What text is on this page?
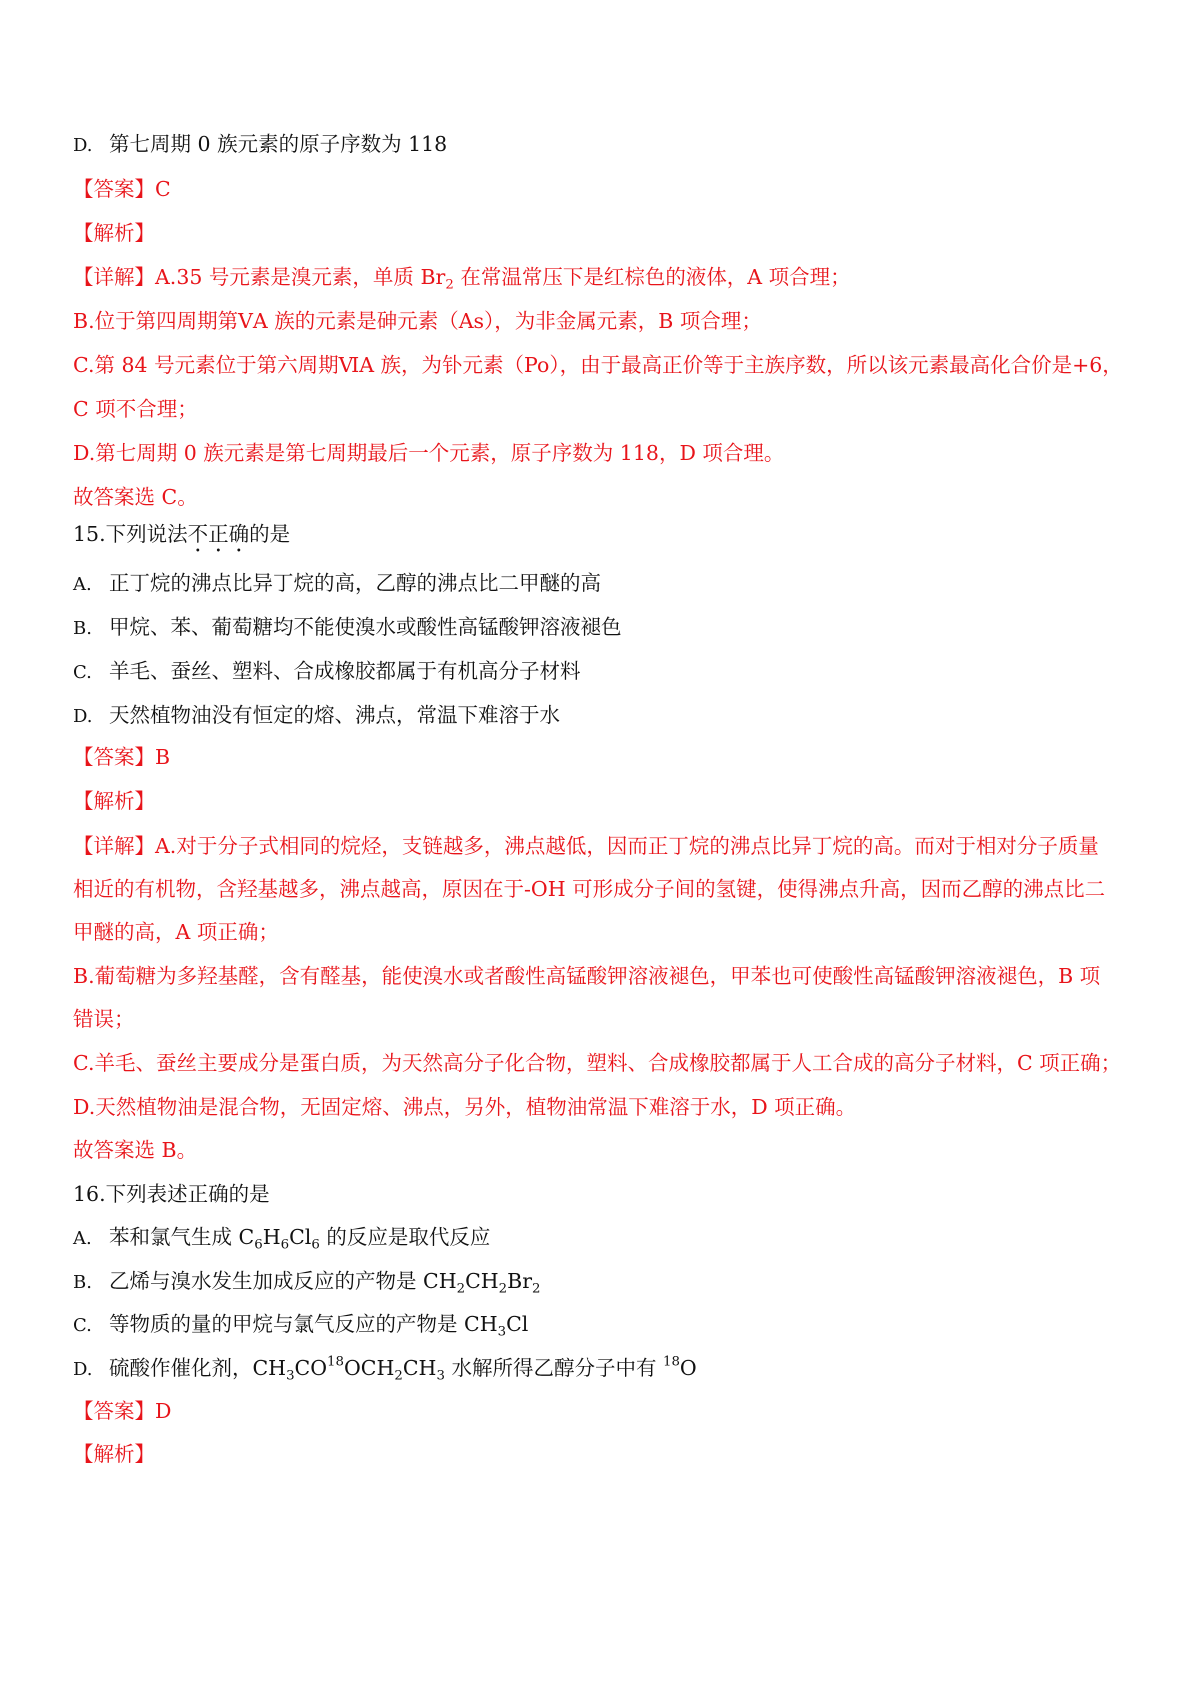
D. 第七周期 0 族元素的原子序数为 118
【答案】C
【解析】
【详解】A.35 号元素是溴元素，单质 $Br_2$ 在常温常压下是红棕色的液体，A 项合理；
B.位于第四周期第ⅤA 族的元素是砷元素（As），为非金属元素，B 项合理；
C.第 84 号元素位于第六周期ⅥA 族，为钋元素（Po），由于最高正价等于主族序数，所以该元素最高化合价是+6，
C 项不合理；
D.第七周期 0 族元素是第七周期最后一个元素，原子序数为 118，D 项合理。
故答案选 C。
15.下列说法不正确的是
A. 正丁烷的沸点比异丁烷的高，乙醇的沸点比二甲醚的高
B. 甲烷、苯、葡萄糖均不能使溴水或酸性高锰酸钾溶液褪色
C. 羊毛、蚕丝、塑料、合成橡胶都属于有机高分子材料
D. 天然植物油没有恒定的熔、沸点，常温下难溶于水
【答案】B
【解析】
【详解】A.对于分子式相同的烷烃，支链越多，沸点越低，因而正丁烷的沸点比异丁烷的高。而对于相对分子质量
相近的有机物，含羟基越多，沸点越高，原因在于-OH 可形成分子间的氢键，使得沸点升高，因而乙醇的沸点比二
甲醚的高，A 项正确；
B.葡萄糖为多羟基醛，含有醛基，能使溴水或者酸性高锰酸钾溶液褪色，甲苯也可使酸性高锰酸钾溶液褪色，B 项
错误；
C.羊毛、蚕丝主要成分是蛋白质，为天然高分子化合物，塑料、合成橡胶都属于人工合成的高分子材料，C 项正确；
D.天然植物油是混合物，无固定熔、沸点，另外，植物油常温下难溶于水，D 项正确。
故答案选 B。
16.下列表述正确的是
A. 苯和氯气生成 $C_6H_6Cl_6$ 的反应是取代反应
B. 乙烯与溴水发生加成反应的产物是 $CH_2CH_2Br_2$
C. 等物质的量的甲烷与氯气反应的产物是 $CH_3Cl$
D. 硫酸作催化剂，$CH_3CO^{18}OCH_2CH_3$ 水解所得乙醇分子中有 $^{18}$O
【答案】D
【解析】
